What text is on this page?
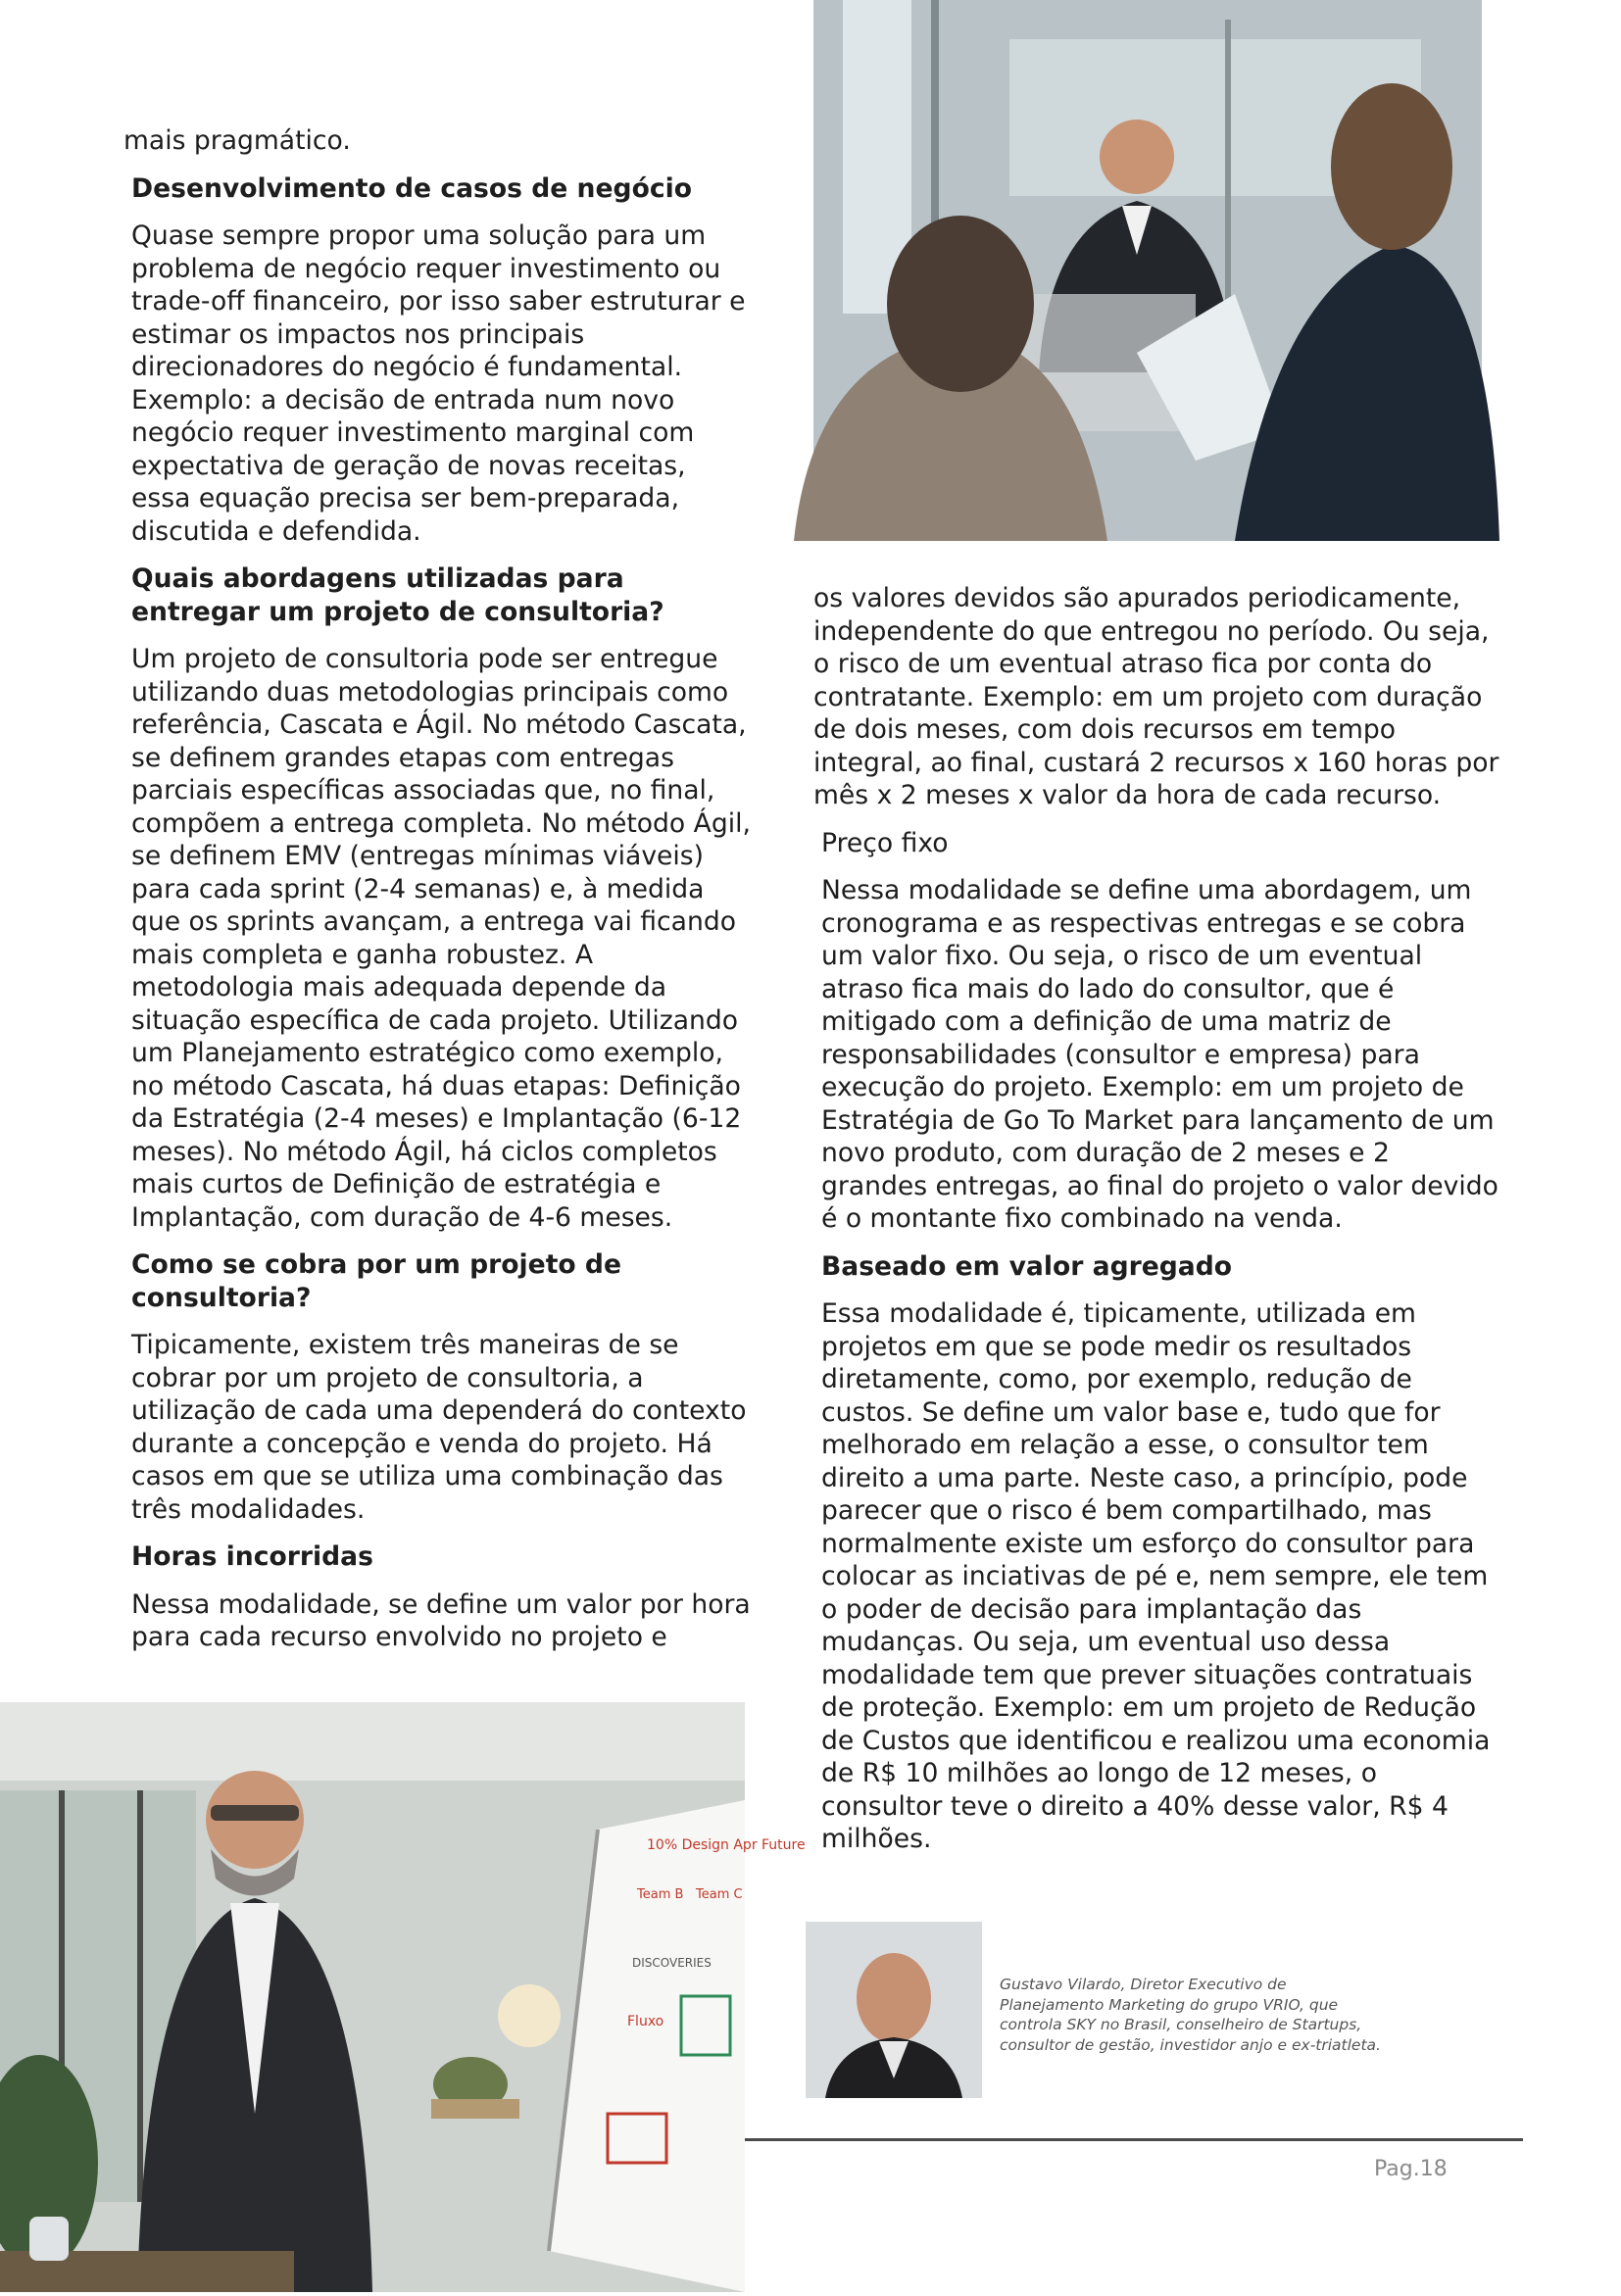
mais pragmático.

Desenvolvimento de casos de negócio

Quase sempre propor uma solução para um problema de negócio requer investimento ou trade-off financeiro, por isso saber estruturar e estimar os impactos nos principais direcionadores do negócio é fundamental. Exemplo: a decisão de entrada num novo negócio requer investimento marginal com expectativa de geração de novas receitas, essa equação precisa ser bem-preparada, discutida e defendida.

Quais abordagens utilizadas para entregar um projeto de consultoria?

Um projeto de consultoria pode ser entregue utilizando duas metodologias principais como referência, Cascata e Ágil. No método Cascata, se definem grandes etapas com entregas parciais específicas associadas que, no final, compõem a entrega completa. No método Ágil, se definem EMV (entregas mínimas viáveis) para cada sprint (2-4 semanas) e, à medida que os sprints avançam, a entrega vai ficando mais completa e ganha robustez. A metodologia mais adequada depende da situação específica de cada projeto. Utilizando um Planejamento estratégico como exemplo, no método Cascata, há duas etapas: Definição da Estratégia (2-4 meses) e Implantação (6-12 meses). No método Ágil, há ciclos completos mais curtos de Definição de estratégia e Implantação, com duração de 4-6 meses.

Como se cobra por um projeto de consultoria?

Tipicamente, existem três maneiras de se cobrar por um projeto de consultoria, a utilização de cada uma dependerá do contexto durante a concepção e venda do projeto. Há casos em que se utiliza uma combinação das três modalidades.

Horas incorridas

Nessa modalidade, se define um valor por hora para cada recurso envolvido no projeto e

os valores devidos são apurados periodicamente, independente do que entregou no período. Ou seja, o risco de um eventual atraso fica por conta do contratante. Exemplo: em um projeto com duração de dois meses, com dois recursos em tempo integral, ao final, custará 2 recursos x 160 horas por mês x 2 meses x valor da hora de cada recurso.

Preço fixo

Nessa modalidade se define uma abordagem, um cronograma e as respectivas entregas e se cobra um valor fixo. Ou seja, o risco de um eventual atraso fica mais do lado do consultor, que é mitigado com a definição de uma matriz de responsabilidades (consultor e empresa) para execução do projeto. Exemplo: em um projeto de Estratégia de Go To Market para lançamento de um novo produto, com duração de 2 meses e 2 grandes entregas, ao final do projeto o valor devido é o montante fixo combinado na venda.

Baseado em valor agregado

Essa modalidade é, tipicamente, utilizada em projetos em que se pode medir os resultados diretamente, como, por exemplo, redução de custos. Se define um valor base e, tudo que for melhorado em relação a esse, o consultor tem direito a uma parte. Neste caso, a princípio, pode parecer que o risco é bem compartilhado, mas normalmente existe um esforço do consultor para colocar as inciativas de pé e, nem sempre, ele tem o poder de decisão para implantação das mudanças. Ou seja, um eventual uso dessa modalidade tem que prever situações contratuais de proteção. Exemplo: em um projeto de Redução de Custos que identificou e realizou uma economia de R$ 10 milhões ao longo de 12 meses, o consultor teve o direito a 40% desse valor, R$ 4 milhões.

10% Design Apr Future
Team B Team C
DISCOVERIES
Fluxo

Gustavo Vilardo, Diretor Executivo de Planejamento Marketing do grupo VRIO, que controla SKY no Brasil, conselheiro de Startups, consultor de gestão, investidor anjo e ex-triatleta.

Pag.18
